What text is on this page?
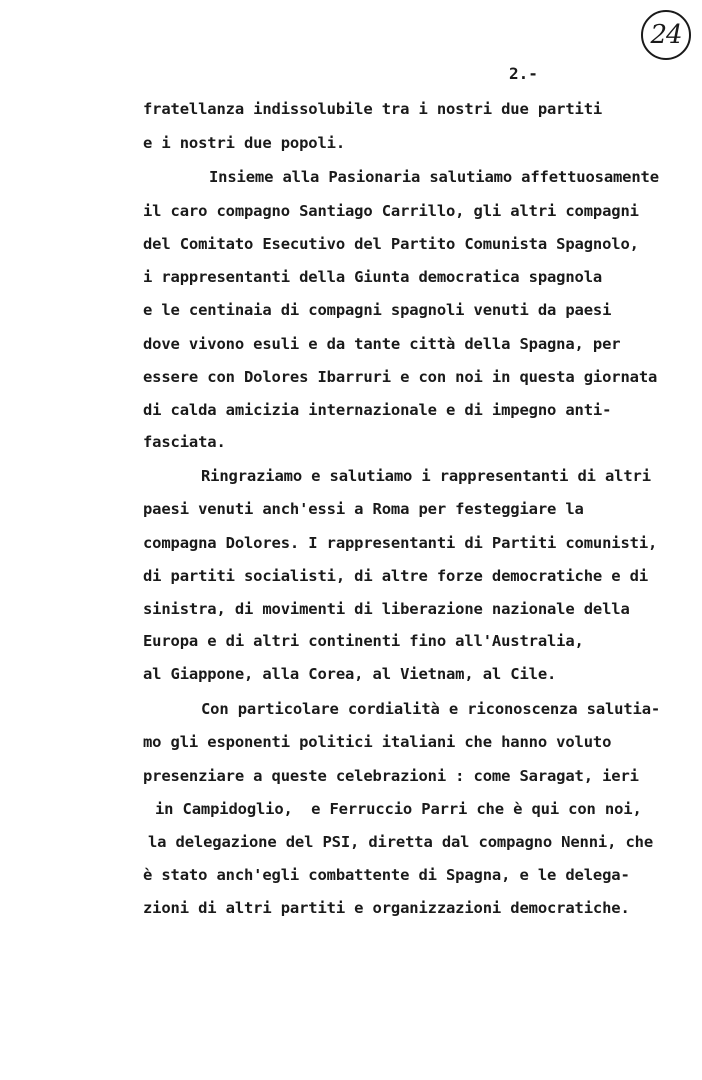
24
2.-
fratellanza indissolubile tra i nostri due partiti
e i nostri due popoli.
Insieme alla Pasionaria salutiamo affettuosamente
il caro compagno Santiago Carrillo, gli altri compagni
del Comitato Esecutivo del Partito Comunista Spagnolo,
i rappresentanti della Giunta democratica spagnola
e le centinaia di compagni spagnoli venuti da paesi
dove vivono esuli e da tante città della Spagna, per
essere con Dolores Ibarruri e con noi in questa giornata
di calda amicizia internazionale e di impegno anti-
fasciata.
Ringraziamo e salutiamo i rappresentanti di altri
paesi venuti anch'essi a Roma per festeggiare la
compagna Dolores. I rappresentanti di Partiti comunisti,
di partiti socialisti, di altre forze democratiche e di
sinistra, di movimenti di liberazione nazionale della
Europa e di altri continenti fino all'Australia,
al Giappone, alla Corea, al Vietnam, al Cile.
Con particolare cordialità e riconoscenza salutia-
mo gli esponenti politici italiani che hanno voluto
presenziare a queste celebrazioni : come Saragat, ieri
in Campidoglio,  e Ferruccio Parri che è qui con noi,
la delegazione del PSI, diretta dal compagno Nenni, che
è stato anch'egli combattente di Spagna, e le delega-
zioni di altri partiti e organizzazioni democratiche.
